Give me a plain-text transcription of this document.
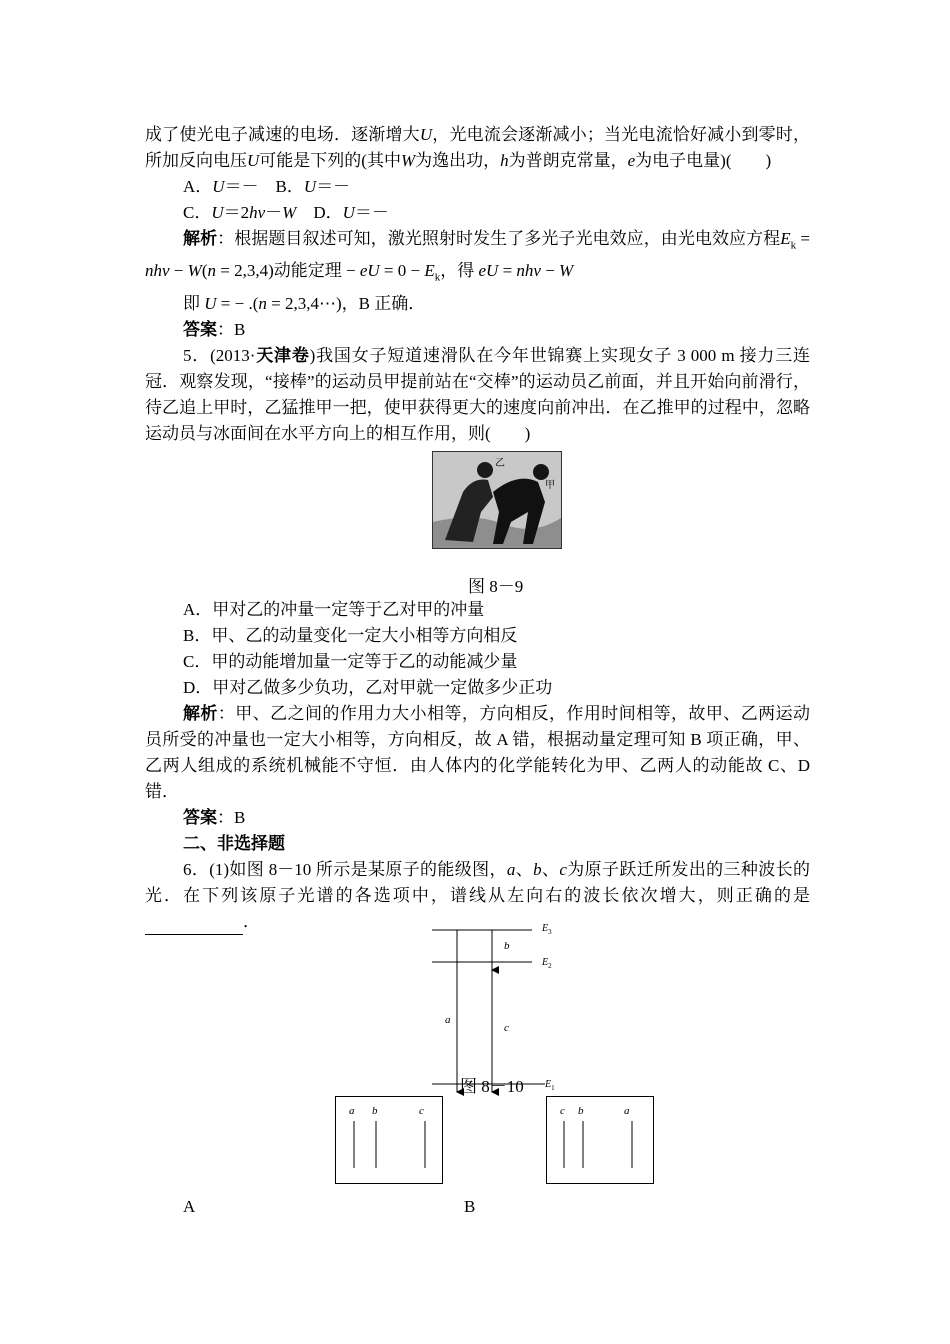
成了使光电子减速的电场．逐渐增大U，光电流会逐渐减小；当光电流恰好减小到零时，所加反向电压U可能是下列的(其中W为逸出功，h为普朗克常量，e为电子电量)(　　)

A．U＝－　B．U＝－

C．U＝2hv－W　D．U＝－

解析：根据题目叙述可知，激光照射时发生了多光子光电效应，由光电效应方程$E_k$ = nhv − W(n = 2,3,4)动能定理 − eU = $0 - E_k$，得 eU = nhv − W

即 U = − .(n = 2,3,4⋯)，B 正确．

答案：B

5．(2013·天津卷)我国女子短道速滑队在今年世锦赛上实现女子 3 000 m 接力三连冠．观察发现，“接棒”的运动员甲提前站在“交棒”的运动员乙前面，并且开始向前滑行，待乙追上甲时，乙猛推甲一把，使甲获得更大的速度向前冲出．在乙推甲的过程中，忽略运动员与冰面间在水平方向上的相互作用，则(　　)

乙
甲
图 8－9

A．甲对乙的冲量一定等于乙对甲的冲量

B．甲、乙的动量变化一定大小相等方向相反

C．甲的动能增加量一定等于乙的动能减少量

D．甲对乙做多少负功，乙对甲就一定做多少正功

解析：甲、乙之间的作用力大小相等，方向相反，作用时间相等，故甲、乙两运动员所受的冲量也一定大小相等，方向相反，故 A 错，根据动量定理可知 B 项正确，甲、乙两人组成的系统机械能不守恒．由人体内的化学能转化为甲、乙两人的动能故 C、D 错．

答案：B

二、非选择题

6．(1)如图 8－10 所示是某原子的能级图，a、b、c为原子跃迁所发出的三种波长的光．在下列该原子光谱的各选项中，谱线从左向右的波长依次增大，则正确的是．

b
a
c
$E_3$
$E_2$
$E_1$
图 8－10
a b	c	c b	a
A	B
